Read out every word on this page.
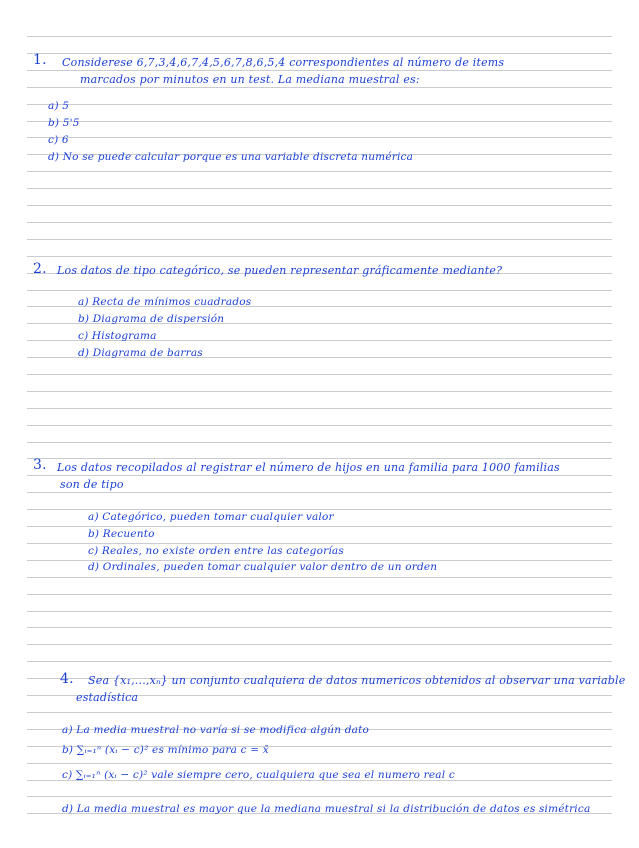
1. Considerese 6,7,3,4,6,7,4,5,6,7,8,6,5,4 correspondientes al número de items
marcados por minutos en un test. La mediana muestral es:
a) 5
b) 5'5
c) 6
d) No se puede calcular porque es una variable discreta numérica
2. Los datos de tipo categórico, se pueden representar gráficamente mediante?
a) Recta de mínimos cuadrados
b) Diagrama de dispersión
c) Histograma
d) Diagrama de barras
3. Los datos recopilados al registrar el número de hijos en una familia para 1000 familias
son de tipo
a) Categórico, pueden tomar cualquier valor
b) Recuento
c) Reales, no existe orden entre las categorías
d) Ordinales, pueden tomar cualquier valor dentro de un orden
4. Sea {x₁,...,xₙ} un conjunto cualquiera de datos numericos obtenidos al observar una variable
estadística
a) La media muestral no varía si se modifica algún dato
b) ∑ᵢ₌₁ⁿ (xᵢ − c)² es mínimo para c = x̄
c) ∑ᵢ₌₁ⁿ (xᵢ − c)² vale siempre cero, cualquiera que sea el numero real c
d) La media muestral es mayor que la mediana muestral si la distribución de datos es simétrica
